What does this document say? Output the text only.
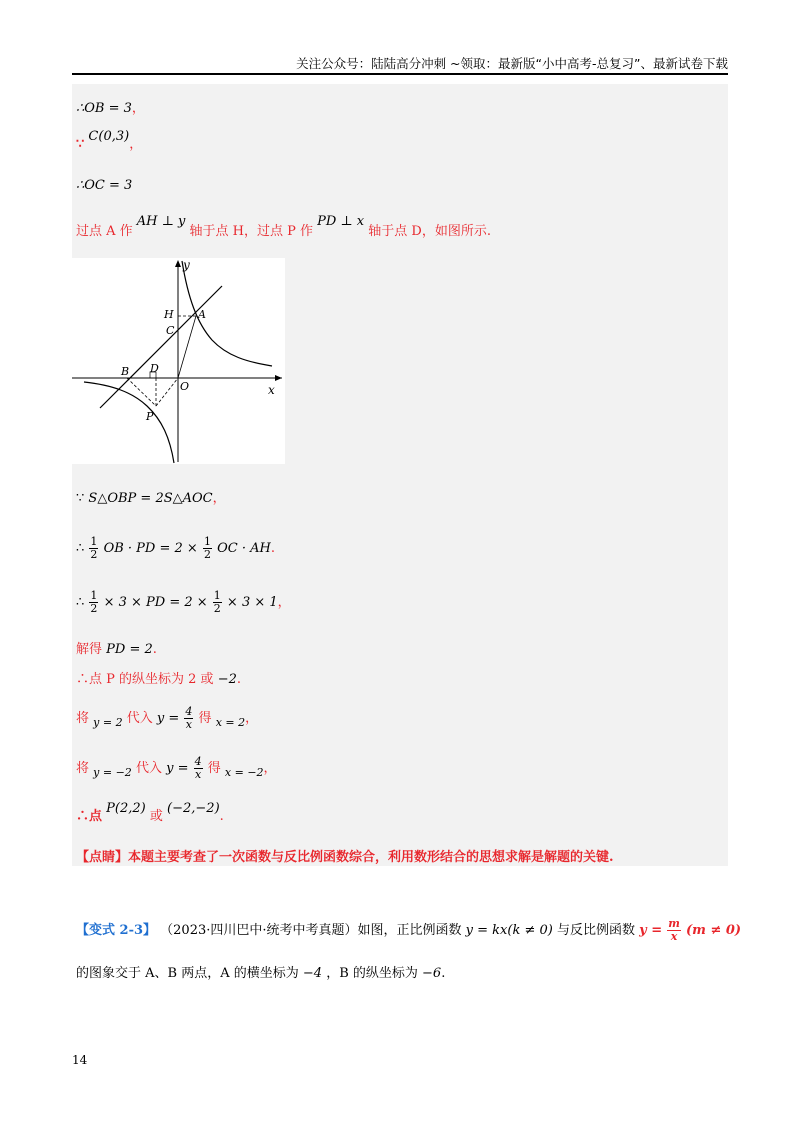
关注公众号：陆陆高分冲刺 ~领取：最新版“小中高考-总复习”、最新试卷下载
∴OB = 3，
∵ C(0,3)，
∴OC = 3
过点 A 作 AH ⊥ y 轴于点 H，过点 P 作 PD ⊥ x 轴于点 D，如图所示.
y
x
H A
C
B D
O
P
∵ S△OBP = 2S△AOC，
∴ $\frac{1}{2}$ OB · PD = $2 \times \frac{1}{2}$ OC · AH.
∴ $\frac{1}{2} \times 3$ × PD = $2 \times \frac{1}{2} \times 3 \times 1$，
解得 PD = 2.
∴点 P 的纵坐标为 2 或 −2.
将 $_{y = 2}$ 代入 $y = \frac{4}{x}$ 得 $_{x = 2}$，
将 $_{y = -2}$ 代入 $y = \frac{4}{x}$ 得 $_{x = -2}$，
∴点 P(2,2) 或 (−2,−2).
【点睛】本题主要考查了一次函数与反比例函数综合，利用数形结合的思想求解是解题的关键.
【变式 2-3】 （2023·四川巴中·统考中考真题）如图，正比例函数 y = kx(k ≠ 0) 与反比例函数 $y = \frac{m}{x} (m \ne 0)$
的图象交于 A、B 两点，A 的横坐标为 −4 ，B 的纵坐标为 −6.
14
